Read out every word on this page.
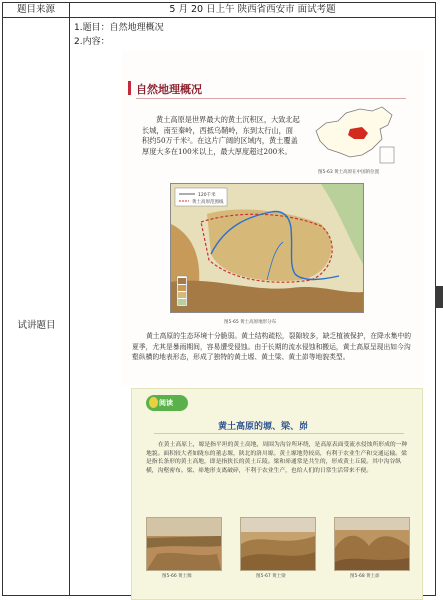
题目来源	5 月 20 日上午 陕西省西安市 面试考题
试讲题目
1.题目：自然地理概况
2.内容：
自然地理概况
黄土高原是世界最大的黄土沉积区，大致北起长城，南至秦岭，西抵乌鞘岭，东到太行山，面积约50万千米²。在这片广阔的区域内，黄土覆盖厚度大多在100米以上，最大厚度超过200米。
图5-63 黄土高原在中国的位置
120千米
黄土高原范围线
图5-65 黄土高原地形分布
黄土高原的生态环境十分脆弱。黄土结构疏松，裂隙较多，缺乏植被保护，在降水集中的夏季，尤其是暴雨期间，容易遭受侵蚀。由于长期的流水侵蚀和搬运，黄土高原呈现出如今沟壑纵横的地表形态，形成了独特的黄土塬、黄土梁、黄土峁等地貌类型。
阅读
黄土高原的塬、梁、峁
在黄土高原上，塬是指平坦的黄土高地，周围为沟谷所环绕，是高原表面受流水侵蚀所形成的一种地貌。面积较大者如陇东的董志塬，陕北的洛川塬。黄土塬地势较高，有利于农业生产和交通运输。梁是指长条形的黄土高地，即是指狭长的黄土丘陵。梁和峁通常是共生的，形成黄土丘陵。其中沟谷纵横，沟壑密布。梁、峁地形支离破碎，不利于农业生产，也给人们的日常生活带来不便。
图5-66 黄土塬	图5-67 黄土梁	图5-68 黄土峁
